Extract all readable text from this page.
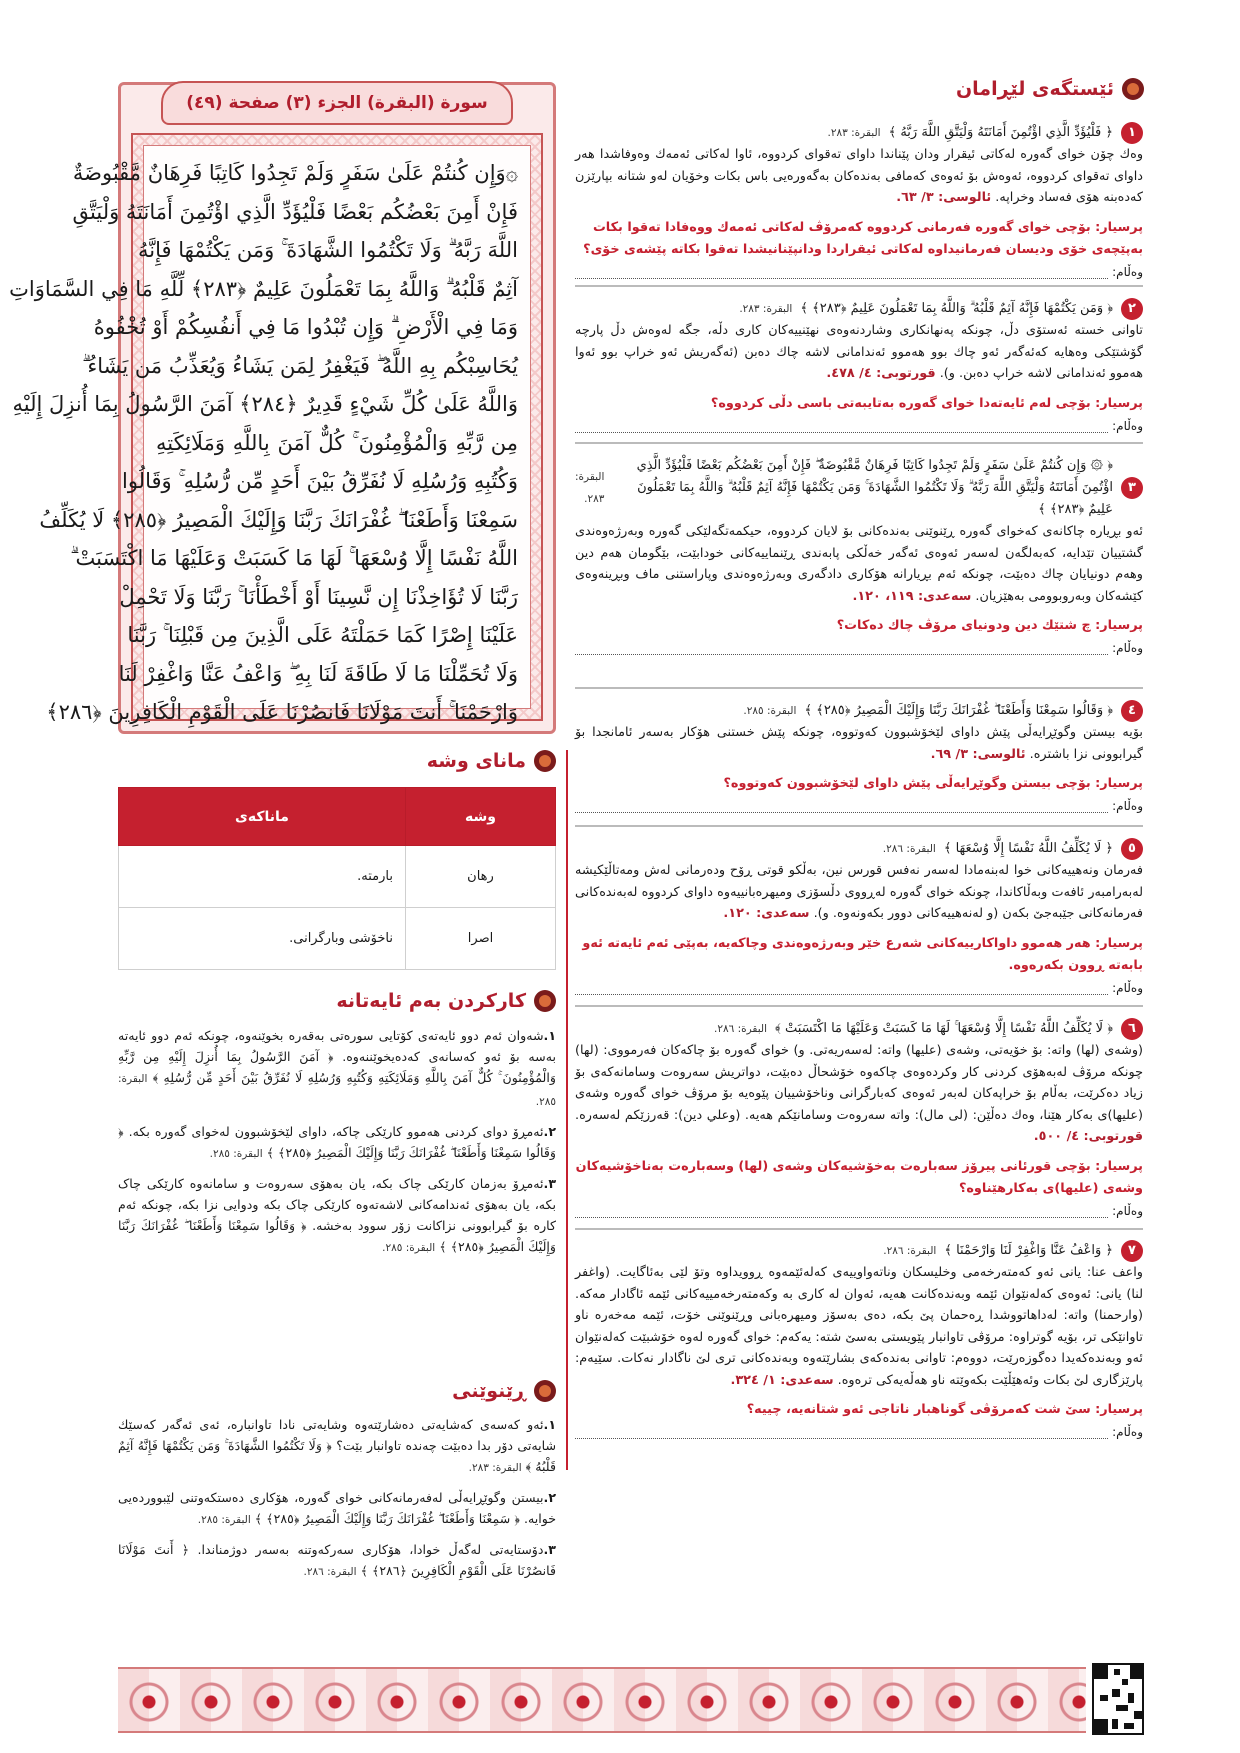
سورة (البقرة) الجزء (٣) صفحة (٤٩)
۞وَإِن كُنتُمْ عَلَىٰ سَفَرٍ وَلَمْ تَجِدُوا كَاتِبًا فَرِهَانٌ مَّقْبُوضَةٌ
فَإِنْ أَمِنَ بَعْضُكُم بَعْضًا فَلْيُؤَدِّ الَّذِي اؤْتُمِنَ أَمَانَتَهُ وَلْيَتَّقِ
اللَّهَ رَبَّهُ ۗ وَلَا تَكْتُمُوا الشَّهَادَةَ ۚ وَمَن يَكْتُمْهَا فَإِنَّهُ
آثِمٌ قَلْبُهُ ۗ وَاللَّهُ بِمَا تَعْمَلُونَ عَلِيمٌ ﴿٢٨٣﴾ لِّلَّهِ مَا فِي السَّمَاوَاتِ
وَمَا فِي الْأَرْضِ ۗ وَإِن تُبْدُوا مَا فِي أَنفُسِكُمْ أَوْ تُخْفُوهُ
يُحَاسِبْكُم بِهِ اللَّهُ ۖ فَيَغْفِرُ لِمَن يَشَاءُ وَيُعَذِّبُ مَن يَشَاءُ ۗ
وَاللَّهُ عَلَىٰ كُلِّ شَيْءٍ قَدِيرٌ ﴿٢٨٤﴾ آمَنَ الرَّسُولُ بِمَا أُنزِلَ إِلَيْهِ
مِن رَّبِّهِ وَالْمُؤْمِنُونَ ۚ كُلٌّ آمَنَ بِاللَّهِ وَمَلَائِكَتِهِ
وَكُتُبِهِ وَرُسُلِهِ لَا نُفَرِّقُ بَيْنَ أَحَدٍ مِّن رُّسُلِهِ ۚ وَقَالُوا
سَمِعْنَا وَأَطَعْنَا ۖ غُفْرَانَكَ رَبَّنَا وَإِلَيْكَ الْمَصِيرُ ﴿٢٨٥﴾ لَا يُكَلِّفُ
اللَّهُ نَفْسًا إِلَّا وُسْعَهَا ۚ لَهَا مَا كَسَبَتْ وَعَلَيْهَا مَا اكْتَسَبَتْ ۗ
رَبَّنَا لَا تُؤَاخِذْنَا إِن نَّسِينَا أَوْ أَخْطَأْنَا ۚ رَبَّنَا وَلَا تَحْمِلْ
عَلَيْنَا إِصْرًا كَمَا حَمَلْتَهُ عَلَى الَّذِينَ مِن قَبْلِنَا ۚ رَبَّنَا
وَلَا تُحَمِّلْنَا مَا لَا طَاقَةَ لَنَا بِهِ ۖ وَاعْفُ عَنَّا وَاغْفِرْ لَنَا
وَارْحَمْنَا ۚ أَنتَ مَوْلَانَا فَانصُرْنَا عَلَى الْقَوْمِ الْكَافِرِينَ ﴿٢٨٦﴾
ئێستگەی لێڕامان
١
﴿ فَلْيُؤَدِّ الَّذِي اؤْتُمِنَ أَمَانَتَهُ وَلْيَتَّقِ اللَّهَ رَبَّهُ ﴾
البقرة: ٢٨٣.
وەك چۆن خوای گەورە لەکاتی ئیقرار ودان پێناندا داوای تەقوای کردووە، ئاوا لەکاتی ئەمەك وەوفاشدا هەر داوای تەقوای کردووە، ئەوەش بۆ ئەوەی کەمافی بەندەکان بەگەورەیی باس بکات وخۆیان لەو شتانە بپارێزن کەدەبنە هۆی فەساد وخراپە. ئالوسی: ٣/ ٦٣.
پرسیار: بۆچی خوای گەورە فەرمانی کردووە کەمرۆڤ لەکاتی ئەمەك ووەفادا تەقوا بکات بەپێچەی خۆی ودیسان فەرمانیداوە لەکاتی ئیقراردا ودانپێنانیشدا تەقوا بکاتە پێشەی خۆی؟
وەڵام:
٢
﴿ وَمَن يَكْتُمْهَا فَإِنَّهُ آثِمٌ قَلْبُهُ ۗ وَاللَّهُ بِمَا تَعْمَلُونَ عَلِيمٌ ﴿٢٨٣﴾ ﴾
البقرة: ٢٨٣.
تاوانی خستە ئەستۆی دڵ، چونکە پەنهانکاری وشاردنەوەی نهێنییەکان کاری دڵە، جگە لەوەش دڵ پارچە گۆشتێکی وەهایە کەئەگەر ئەو چاك بوو هەموو ئەندامانی لاشە چاك دەبن (ئەگەریش ئەو خراپ بوو ئەوا هەموو ئەندامانی لاشە خراپ دەبن. و). قورتوبی: ٤/ ٤٧٨.
پرسیار: بۆچی لەم ئایەتەدا خوای گەورە بەتایبەتی باسی دڵی کردووە؟
وەڵام:
٣
﴿ ۞ وَإِن كُنتُمْ عَلَىٰ سَفَرٍ وَلَمْ تَجِدُوا كَاتِبًا فَرِهَانٌ مَّقْبُوضَةٌ ۖ فَإِنْ أَمِنَ بَعْضُكُم بَعْضًا فَلْيُؤَدِّ الَّذِي اؤْتُمِنَ أَمَانَتَهُ وَلْيَتَّقِ اللَّهَ رَبَّهُ ۗ وَلَا تَكْتُمُوا الشَّهَادَةَ ۚ وَمَن يَكْتُمْهَا فَإِنَّهُ آثِمٌ قَلْبُهُ ۗ وَاللَّهُ بِمَا تَعْمَلُونَ عَلِيمٌ ﴿٢٨٣﴾ ﴾
البقرة: ٢٨٣.
ئەو بڕیارە چاکانەی کەخوای گەورە ڕێنوێنی بەندەکانی بۆ لایان کردووە، حیکمەتگەلێکی گەورە وبەرژەوەندی گشتییان تێدایە، کەبەلگەن لەسەر ئەوەی ئەگەر خەڵکی پابەندی ڕێنماییەکانی خودابێت، بێگومان هەم دین وهەم دونیایان چاك دەبێت، چونکە ئەم بڕیارانە هۆکاری دادگەری وبەرژەوەندی وپاراستنی ماف وبڕینەوەی کێشەکان وبەروبوومی بەهێزیان. سەعدی: ١١٩، ١٢٠.
پرسیار: چ شتێك دین ودونیای مرۆڤ چاك دەكات؟
وەڵام:
٤
﴿ وَقَالُوا سَمِعْنَا وَأَطَعْنَا ۖ غُفْرَانَكَ رَبَّنَا وَإِلَيْكَ الْمَصِيرُ ﴿٢٨٥﴾ ﴾
البقرة: ٢٨٥.
بۆیە بیستن وگوێڕایەڵی پێش داوای لێخۆشبوون کەوتووە، چونکە پێش خستنی هۆکار بەسەر ئامانجدا بۆ گیرابوونی نزا باشترە. ئالوسی: ٣/ ٦٩.
پرسیار: بۆچی بیستن وگوێڕایەڵی پێش داوای لێخۆشبوون کەوتووە؟
وەڵام:
٥
﴿ لَا يُكَلِّفُ اللَّهُ نَفْسًا إِلَّا وُسْعَهَا ﴾
البقرة: ٢٨٦.
فەرمان ونەهییەکانی خوا لەبنەمادا لەسەر نەفس قورس نین، بەڵکو قوتی ڕۆح ودەرمانی لەش ومەتاڵێکیشە لەبەرامبەر ئافەت وبەڵاکاندا، چونکە خوای گەورە لەڕووی دڵسۆزی ومیهرەبانییەوە داوای کردووە لەبەندەکانی فەرمانەکانی جێبەجێ بکەن (و لەنەهییەکانی دوور بکەونەوە. و). سەعدی: ١٢٠.
پرسیار: هەر هەموو داواکارییەکانی شەرع خێر وبەرژەوەندی وچاکەیە، بەپێی ئەم ئایەتە ئەو بابەتە ڕوون بکەرەوە.
وەڵام:
٦
﴿ لَا يُكَلِّفُ اللَّهُ نَفْسًا إِلَّا وُسْعَهَا ۚ لَهَا مَا كَسَبَتْ وَعَلَيْهَا مَا اكْتَسَبَتْ ﴾
البقرة: ٢٨٦.
(وشەی (لها) واتە: بۆ خۆیەتی، وشەی (علیها) واتە: لەسەریەتی. و) خوای گەورە بۆ چاکەکان فەرمووی: (لها) چونکە مرۆڤ لەبەهۆی کردنی کار وکردەوەی چاکەوە خۆشحاڵ دەبێت، دواتریش سەروەت وسامانەکەی بۆ زیاد دەکرێت، بەڵام بۆ خراپەکان لەبەر ئەوەی کەبارگرانی وناخۆشییان پێوەیە بۆ مرۆڤ خوای گەورە وشەی (علیها)ی بەکار هێنا، وەك دەڵێن: (لی مال): واتە سەروەت وسامانێکم هەیە. (وعلي دين): قەرزێکم لەسەرە. قورتوبی: ٤/ ٥٠٠.
پرسیار: بۆچی قورئانی پیرۆز سەبارەت بەخۆشیەکان وشەی (لها) وسەبارەت بەناخۆشیەکان وشەی (علیها)ی بەکارهێناوە؟
وەڵام:
٧
﴿ وَاعْفُ عَنَّا وَاغْفِرْ لَنَا وَارْحَمْنَا ﴾
البقرة: ٢٨٦.
واعف عنا: یانی ئەو کەمتەرخەمی وخلیسکان وناتەواوییەی کەلەئێمەوە ڕوویداوە وتۆ لێی بەئاگایت. (واغفر لنا) یانی: ئەوەی کەلەنێوان ئێمە وبەندەکانت هەیە، ئەوان لە کاری بە وکەمتەرخەمییەکانی ئێمە ئاگادار مەکە. (وارحمنا) واتە: لەداهاتووشدا ڕەحمان پێ بکە، دەی بەسۆز ومیهرەبانی وڕێنوێنی خۆت، ئێمە مەخەرە ناو تاوانێکی تر، بۆیە گوتراوە: مرۆڤی تاوانبار پێویستی بەسێ شتە: یەکەم: خوای گەورە لەوە خۆشبێت کەلەنێوان ئەو وبەندەکەیدا دەگوزەرێت، دووەم: تاوانی بەندەکەی بشارێتەوە وبەندەکانی تری لێ ناگادار نەکات. سێیەم: پارێزگاری لێ بکات وئەهێڵێت بکەوێتە ناو هەڵەیەکی ترەوە. سەعدی: ١/ ٣٢٤.
پرسیار: سێ شت کەمرۆڤی گوناهبار ناتاجی ئەو شتانەیە، چییە؟
وەڵام:
مانای وشە
وشە	ماناکەی
رهان	بارمتە.
اصرا	ناخۆشی وبارگرانی.
كاركردن بەم ئايەتانە
١.شەوان ئەم دوو ئایەتەی کۆتایی سورەتی بەقەرە بخوێنەوە، چونکە ئەم دوو ئایەتە بەسە بۆ ئەو کەسانەی کەدەیخوێننەوە. ﴿ آمَنَ الرَّسُولُ بِمَا أُنزِلَ إِلَيْهِ مِن رَّبِّهِ وَالْمُؤْمِنُونَ ۚ كُلٌّ آمَنَ بِاللَّهِ وَمَلَائِكَتِهِ وَكُتُبِهِ وَرُسُلِهِ لَا نُفَرِّقُ بَيْنَ أَحَدٍ مِّن رُّسُلِهِ ﴾ البقرة: ٢٨٥.
٢.ئەمڕۆ دوای کردنی هەموو کارێکی چاکە، داوای لێخۆشبوون لەخوای گەورە بکە. ﴿ وَقَالُوا سَمِعْنَا وَأَطَعْنَا ۖ غُفْرَانَكَ رَبَّنَا وَإِلَيْكَ الْمَصِيرُ ﴿٢٨٥﴾ ﴾ البقرة: ٢٨٥.
٣.ئەمڕۆ بەزمان کارێکی چاک بکە، یان بەهۆی سەروەت و سامانەوە کارێکی چاک بکە، یان بەهۆی ئەندامەکانی لاشەتەوە کارێکی چاک بکە ودوایی نزا بکە، چونکە ئەم کارە بۆ گیرابوونی نزاکانت زۆر سوود بەخشە. ﴿ وَقَالُوا سَمِعْنَا وَأَطَعْنَا ۖ غُفْرَانَكَ رَبَّنَا وَإِلَيْكَ الْمَصِيرُ ﴿٢٨٥﴾ ﴾ البقرة: ٢٨٥.
ڕێنوێنی
١.ئەو کەسەی کەشایەتی دەشارێتەوە وشایەتی نادا تاوانبارە، ئەی ئەگەر کەسێك شایەتی دۆر بدا دەبێت چەندە تاوانبار بێت؟ ﴿ وَلَا تَكْتُمُوا الشَّهَادَةَ ۚ وَمَن يَكْتُمْهَا فَإِنَّهُ آثِمٌ قَلْبُهُ ﴾ البقرة: ٢٨٣.
٢.بیستن وگوێڕایەڵی لەفەرمانەکانی خوای گەورە، هۆکاری دەستکەوتنی لێبووردەیی خوایە. ﴿ سَمِعْنَا وَأَطَعْنَا ۖ غُفْرَانَكَ رَبَّنَا وَإِلَيْكَ الْمَصِيرُ ﴿٢٨٥﴾ ﴾ البقرة: ٢٨٥.
٣.دۆستایەتی لەگەڵ خوادا، هۆکاری سەرکەوتنە بەسەر دوژمناندا. ﴿ أَنتَ مَوْلَانَا فَانصُرْنَا عَلَى الْقَوْمِ الْكَافِرِينَ ﴿٢٨٦﴾ ﴾ البقرة: ٢٨٦.
